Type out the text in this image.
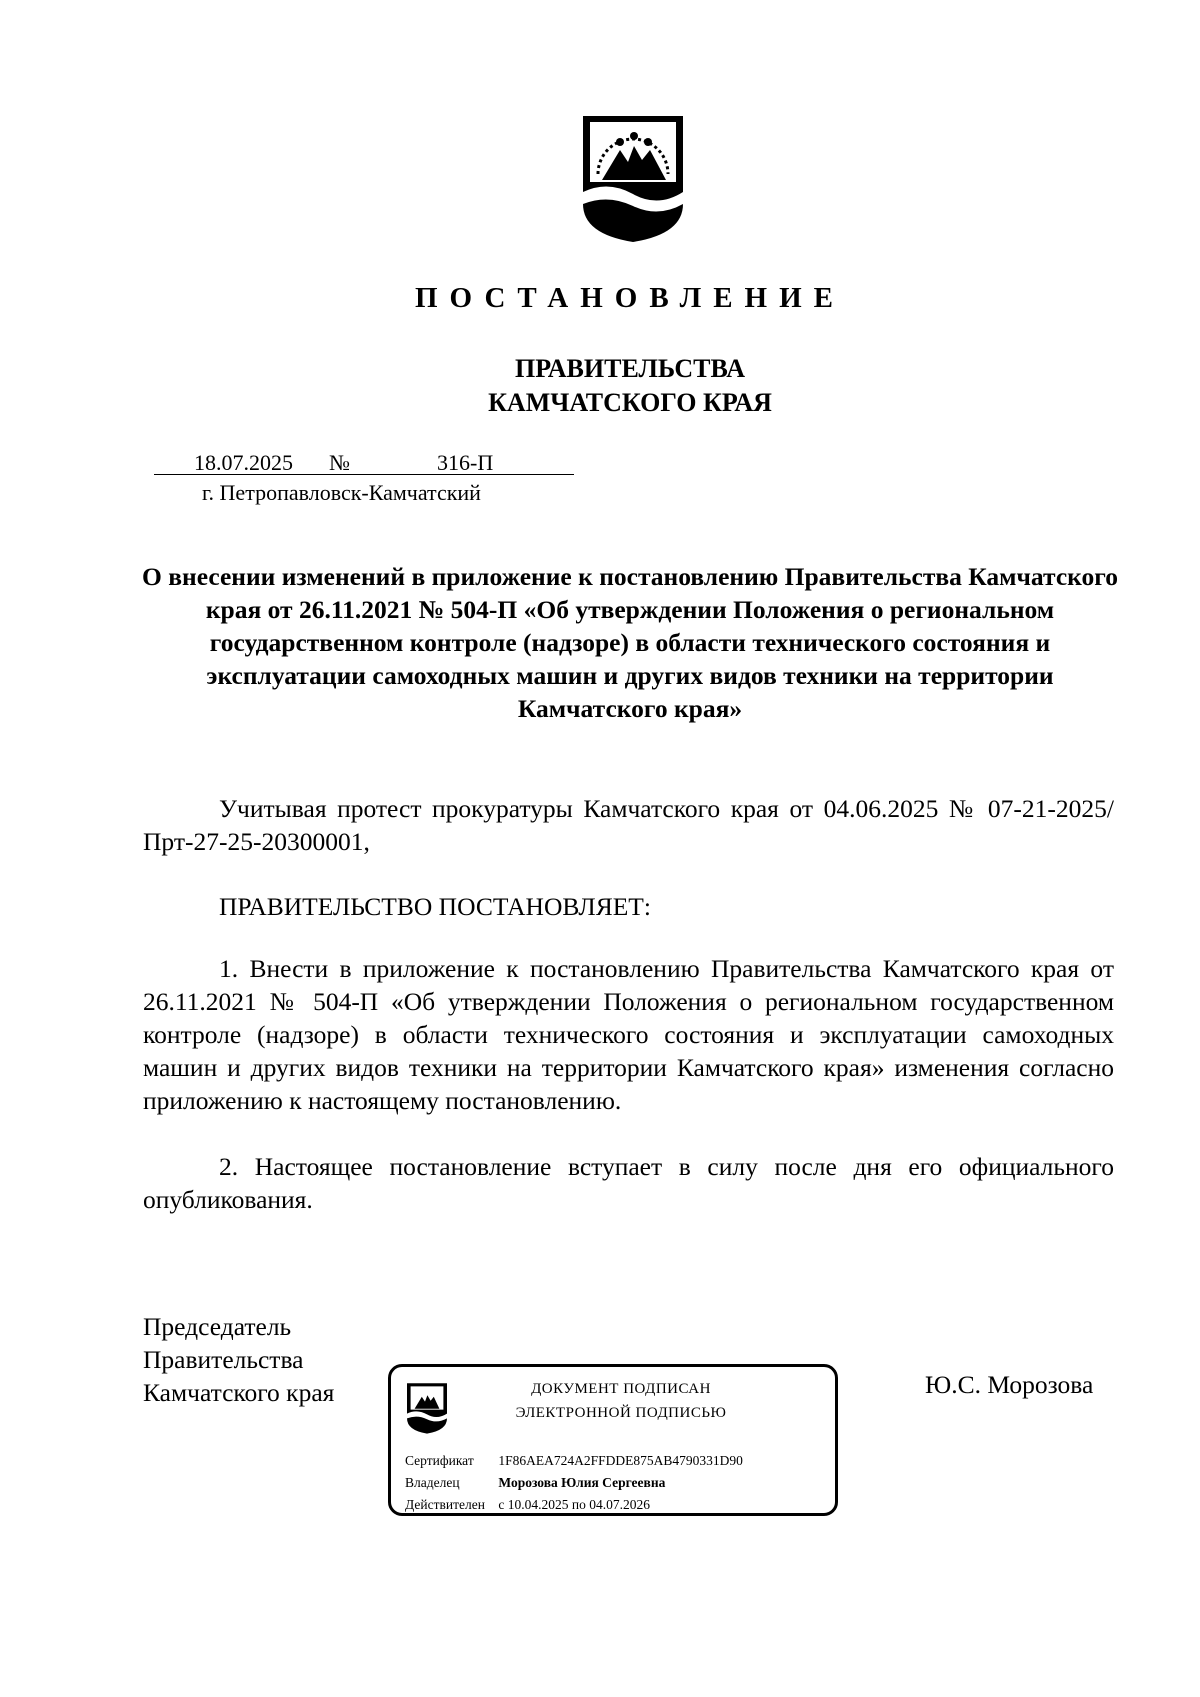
ПОСТАНОВЛЕНИЕ
ПРАВИТЕЛЬСТВА
КАМЧАТСКОГО КРАЯ
18.07.2025 №	316-П
г. Петропавловск-Камчатский
О внесении изменений в приложение к постановлению Правительства Камчатского края от 26.11.2021 № 504-П «Об утверждении Положения о региональном государственном контроле (надзоре) в области технического состояния и эксплуатации самоходных машин и других видов техники на территории Камчатского края»
Учитывая протест прокуратуры Камчатского края от 04.06.2025 № 07-21-2025/Прт-27-25-20300001,
ПРАВИТЕЛЬСТВО ПОСТАНОВЛЯЕТ:
1. Внести в приложение к постановлению Правительства Камчатского края от 26.11.2021 № 504-П «Об утверждении Положения о региональном государственном контроле (надзоре) в области технического состояния и эксплуатации самоходных машин и других видов техники на территории Камчатского края» изменения согласно приложению к настоящему постановлению.
2. Настоящее постановление вступает в силу после дня его официального опубликования.
Председатель
Правительства
Камчатского края	Ю.С. Морозова
ДОКУМЕНТ ПОДПИСАН
ЭЛЕКТРОННОЙ ПОДПИСЬЮ
Сертификат 1F86AEA724A2FFDDE875AB4790331D90
Владелец	Морозова Юлия Сергеевна
Действителен с 10.04.2025 по 04.07.2026
